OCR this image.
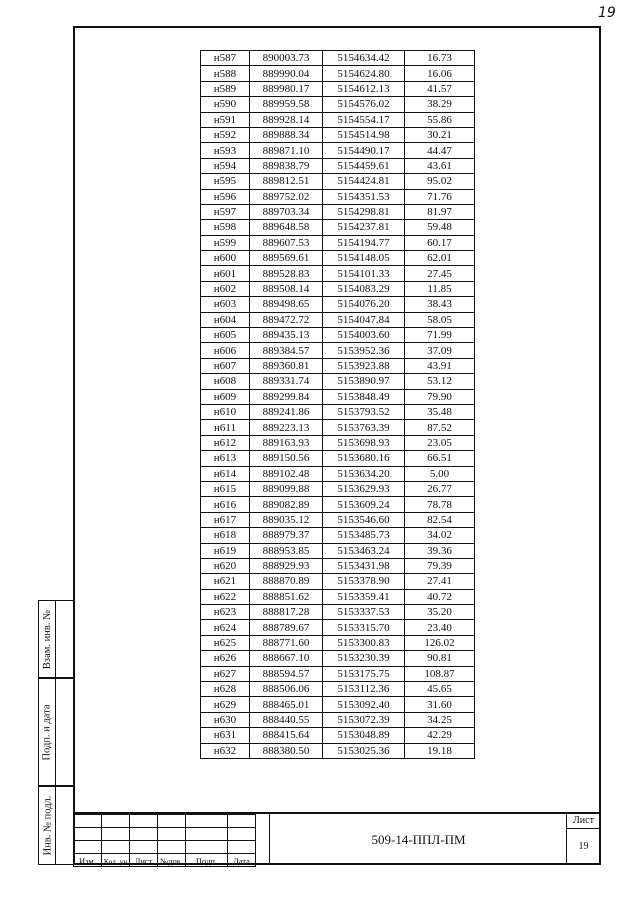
19
Взам. инв. №
Подп. и дата
Инв. № подл.
н587	890003.73	5154634.42	16.73
н588	889990.04	5154624.80	16.06
н589	889980.17	5154612.13	41.57
н590	889959.58	5154576.02	38.29
н591	889928.14	5154554.17	55.86
н592	889888.34	5154514.98	30.21
н593	889871.10	5154490.17	44.47
н594	889838.79	5154459.61	43.61
н595	889812.51	5154424.81	95.02
н596	889752.02	5154351.53	71.76
н597	889703.34	5154298.81	81.97
н598	889648.58	5154237.81	59.48
н599	889607.53	5154194.77	60.17
н600	889569.61	5154148.05	62.01
н601	889528.83	5154101.33	27.45
н602	889508.14	5154083.29	11.85
н603	889498.65	5154076.20	38.43
н604	889472.72	5154047.84	58.05
н605	889435.13	5154003.60	71.99
н606	889384.57	5153952.36	37.09
н607	889360.81	5153923.88	43.91
н608	889331.74	5153890.97	53.12
н609	889299.84	5153848.49	79.90
н610	889241.86	5153793.52	35.48
н611	889223.13	5153763.39	87.52
н612	889163.93	5153698.93	23.05
н613	889150.56	5153680.16	66.51
н614	889102.48	5153634.20	5.00
н615	889099.88	5153629.93	26.77
н616	889082.89	5153609.24	78.78
н617	889035.12	5153546.60	82.54
н618	888979.37	5153485.73	34.02
н619	888953.85	5153463.24	39.36
н620	888929.93	5153431.98	79.39
н621	888870.89	5153378.90	27.41
н622	888851.62	5153359.41	40.72
н623	888817.28	5153337.53	35.20
н624	888789.67	5153315.70	23.40
н625	888771.60	5153300.83	126.02
н626	888667.10	5153230.39	90.81
н627	888594.57	5153175.75	108.87
н628	888506.06	5153112.36	45.65
н629	888465.01	5153092.40	31.60
н630	888440.55	5153072.39	34.25
н631	888415.64	5153048.89	42.29
н632	888380.50	5153025.36	19.18

Изм.	Кол. уч	Лист	№док.	Подп.	Дата
509-14-ППЛ-ПМ
Лист
19
